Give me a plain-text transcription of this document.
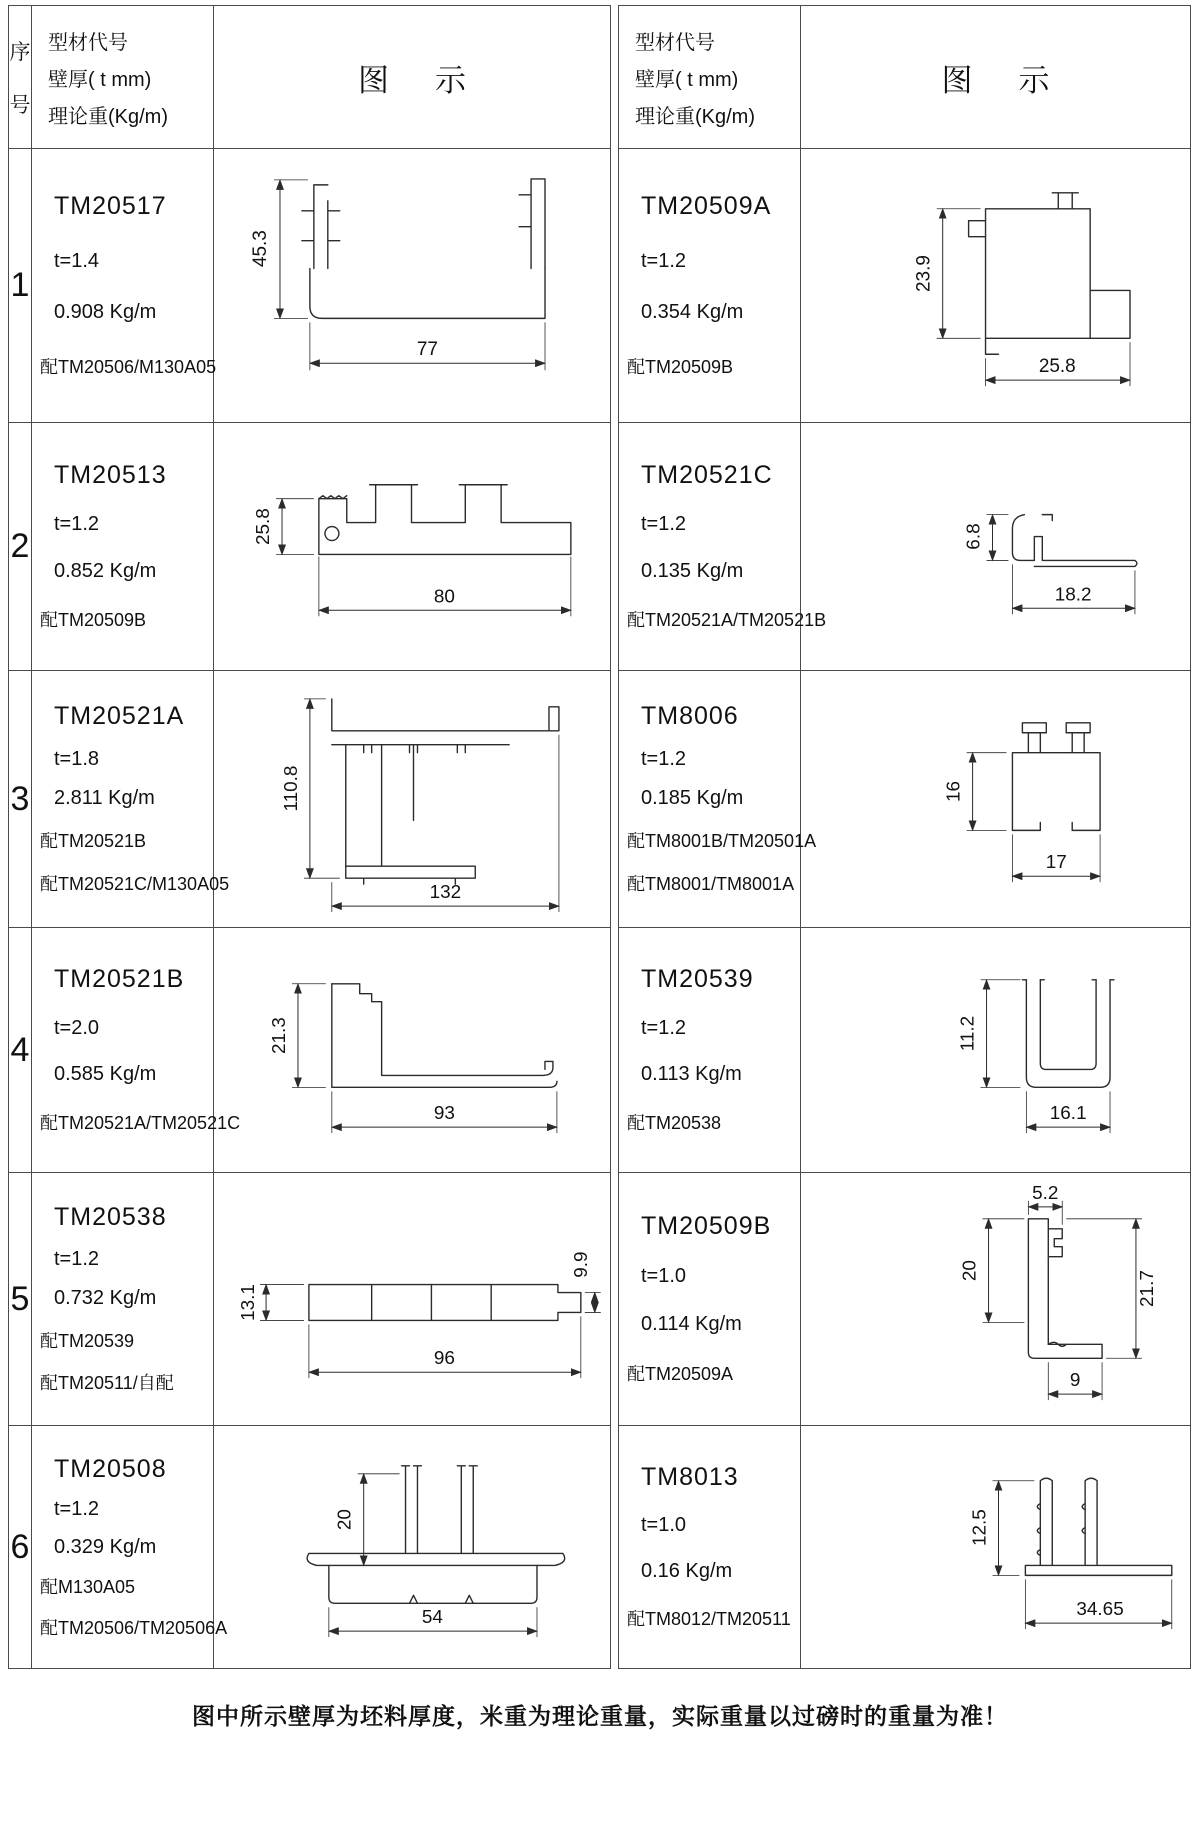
序
号
型材代号
壁厚( t mm)
理论重(Kg/m)
图示
1
TM20517
t=1.4
0.908 Kg/m
配TM20506/M130A05
45.3
77
2
TM20513
t=1.2
0.852 Kg/m
配TM20509B
25.8
80
3
TM20521A
t=1.8
2.811 Kg/m
配TM20521B
配TM20521C/M130A05
110.8
132
4
TM20521B
t=2.0
0.585 Kg/m
配TM20521A/TM20521C
21.3
93
5
TM20538
t=1.2
0.732 Kg/m
配TM20539
配TM20511/自配
13.1
9.9
96
6
TM20508
t=1.2
0.329 Kg/m
配M130A05
配TM20506/TM20506A
20
54
型材代号
壁厚( t mm)
理论重(Kg/m)
图示
TM20509A
t=1.2
0.354 Kg/m
配TM20509B
23.9
25.8
TM20521C
t=1.2
0.135 Kg/m
配TM20521A/TM20521B
6.8
18.2
TM8006
t=1.2
0.185 Kg/m
配TM8001B/TM20501A
配TM8001/TM8001A
16
17
TM20539
t=1.2
0.113 Kg/m
配TM20538
11.2
16.1
TM20509B
t=1.0
0.114 Kg/m
配TM20509A
5.2
20	21.7
9
TM8013
t=1.0
0.16 Kg/m
配TM8012/TM20511
12.5
34.65
图中所示壁厚为坯料厚度，米重为理论重量，实际重量以过磅时的重量为准！
